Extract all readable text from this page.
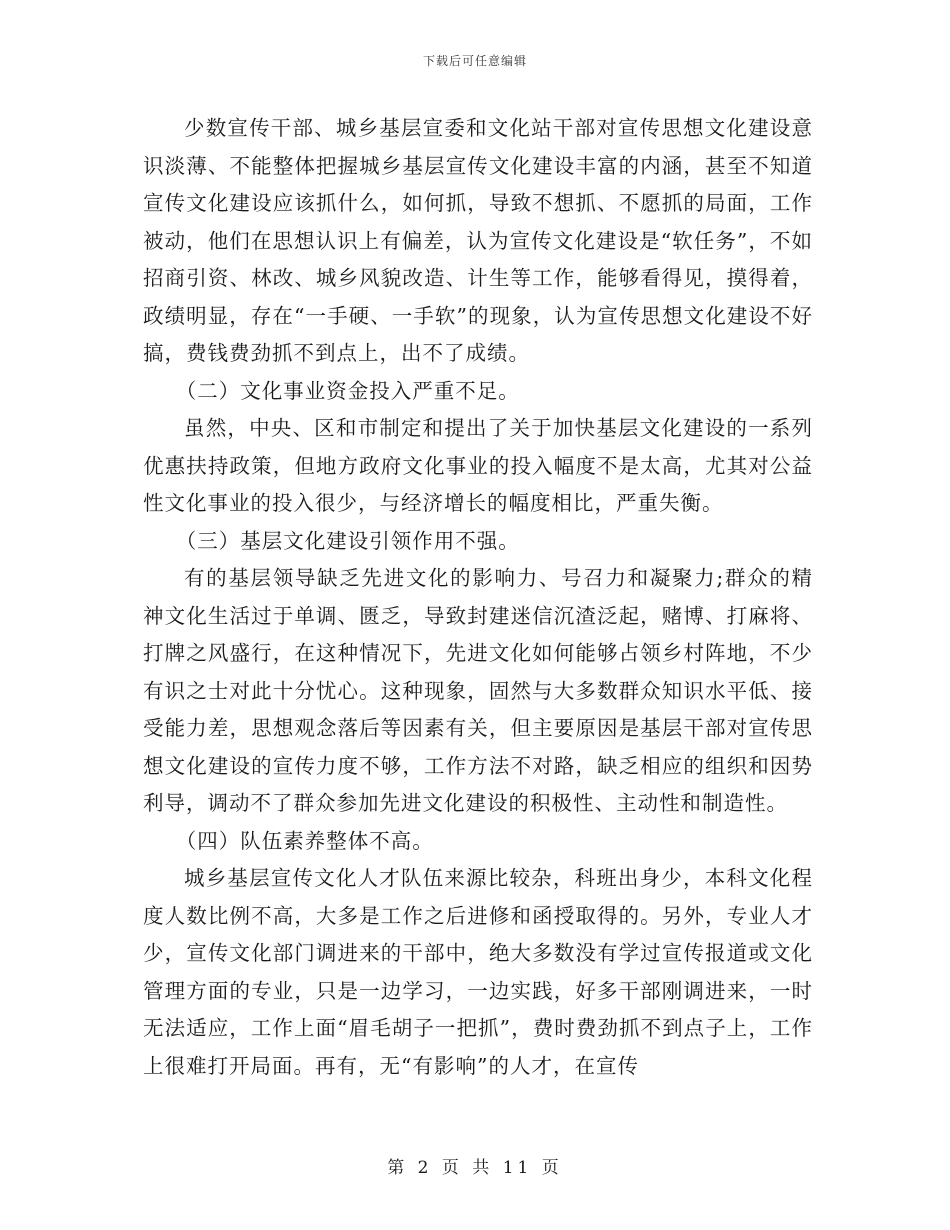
下载后可任意编辑

少数宣传干部、城乡基层宣委和文化站干部对宣传思想文化建设意识淡薄、不能整体把握城乡基层宣传文化建设丰富的内涵，甚至不知道宣传文化建设应该抓什么，如何抓，导致不想抓、不愿抓的局面，工作被动，他们在思想认识上有偏差，认为宣传文化建设是“软任务”，不如招商引资、林改、城乡风貌改造、计生等工作，能够看得见，摸得着，政绩明显，存在“一手硬、一手软”的现象，认为宣传思想文化建设不好搞，费钱费劲抓不到点上，出不了成绩。

（二）文化事业资金投入严重不足。

虽然，中央、区和市制定和提出了关于加快基层文化建设的一系列优惠扶持政策，但地方政府文化事业的投入幅度不是太高，尤其对公益性文化事业的投入很少，与经济增长的幅度相比，严重失衡。

（三）基层文化建设引领作用不强。

有的基层领导缺乏先进文化的影响力、号召力和凝聚力;群众的精神文化生活过于单调、匮乏，导致封建迷信沉渣泛起，赌博、打麻将、打牌之风盛行，在这种情况下，先进文化如何能够占领乡村阵地，不少有识之士对此十分忧心。这种现象，固然与大多数群众知识水平低、接受能力差，思想观念落后等因素有关，但主要原因是基层干部对宣传思想文化建设的宣传力度不够，工作方法不对路，缺乏相应的组织和因势利导，调动不了群众参加先进文化建设的积极性、主动性和制造性。

（四）队伍素养整体不高。

城乡基层宣传文化人才队伍来源比较杂，科班出身少，本科文化程度人数比例不高，大多是工作之后进修和函授取得的。另外，专业人才少，宣传文化部门调进来的干部中，绝大多数没有学过宣传报道或文化管理方面的专业，只是一边学习，一边实践，好多干部刚调进来，一时无法适应，工作上面“眉毛胡子一把抓”，费时费劲抓不到点子上，工作上很难打开局面。再有，无“有影响”的人才，在宣传

第 2 页 共 11 页
